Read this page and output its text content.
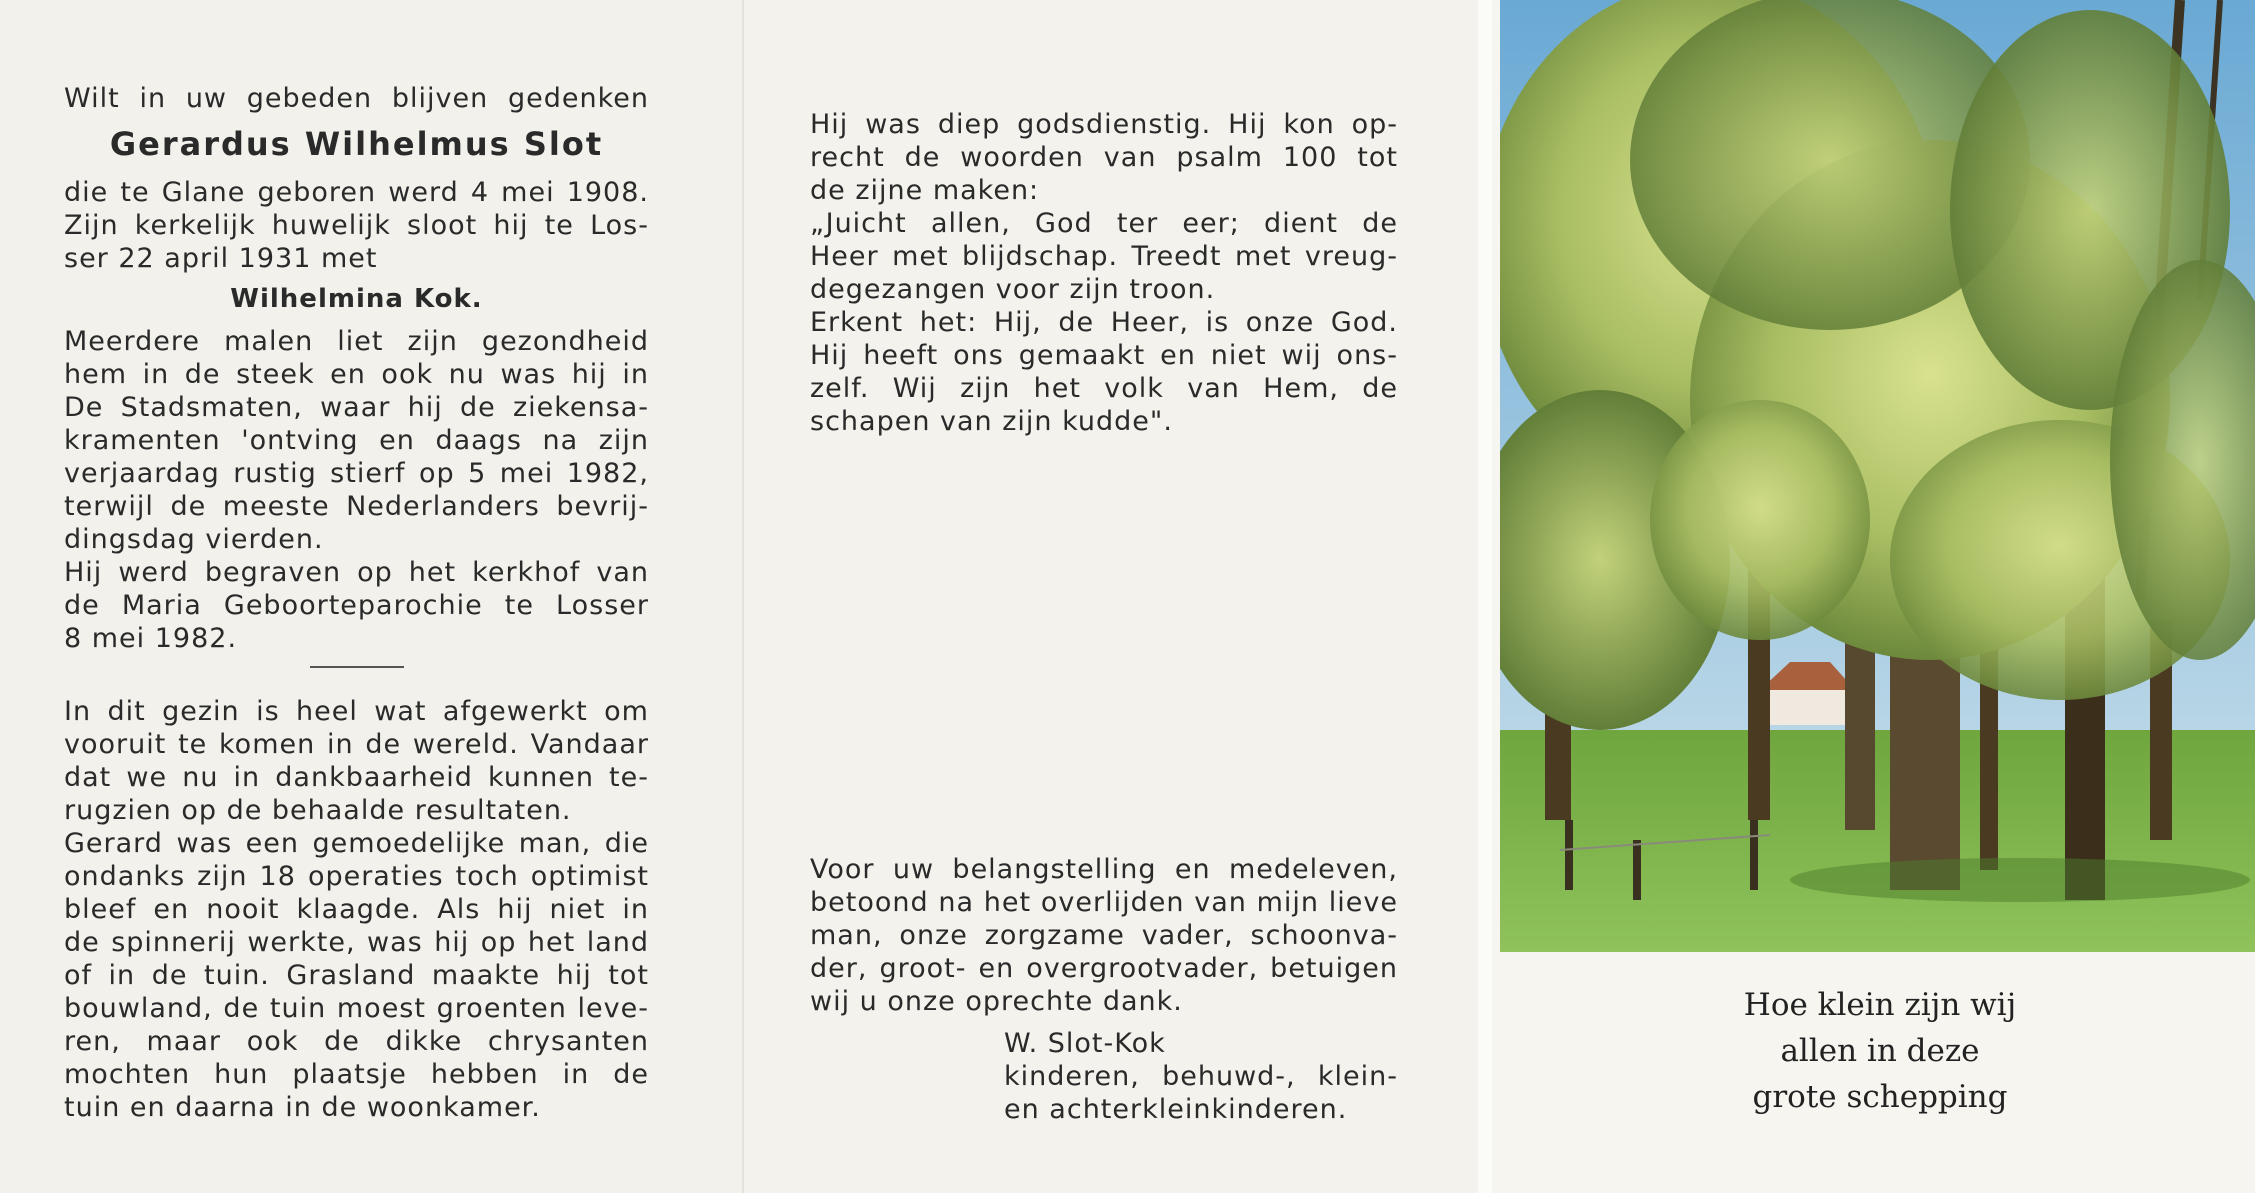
Wilt in uw gebeden blijven gedenken
Gerardus Wilhelmus Slot
die te Glane geboren werd 4 mei 1908.
Zijn kerkelijk huwelijk sloot hij te Los-
ser 22 april 1931 met
Wilhelmina Kok.
Meerdere malen liet zijn gezondheid
hem in de steek en ook nu was hij in
De Stadsmaten, waar hij de ziekensa-
kramenten 'ontving en daags na zijn
verjaardag rustig stierf op 5 mei 1982,
terwijl de meeste Nederlanders bevrij-
dingsdag vierden.
Hij werd begraven op het kerkhof van
de Maria Geboorteparochie te Losser
8 mei 1982.
In dit gezin is heel wat afgewerkt om
vooruit te komen in de wereld. Vandaar
dat we nu in dankbaarheid kunnen te-
rugzien op de behaalde resultaten.
Gerard was een gemoedelijke man, die
ondanks zijn 18 operaties toch optimist
bleef en nooit klaagde. Als hij niet in
de spinnerij werkte, was hij op het land
of in de tuin. Grasland maakte hij tot
bouwland, de tuin moest groenten leve-
ren, maar ook de dikke chrysanten
mochten hun plaatsje hebben in de
tuin en daarna in de woonkamer.
Hij was diep godsdienstig. Hij kon op-
recht de woorden van psalm 100 tot
de zijne maken:
„Juicht allen, God ter eer; dient de
Heer met blijdschap. Treedt met vreug-
degezangen voor zijn troon.
Erkent het: Hij, de Heer, is onze God.
Hij heeft ons gemaakt en niet wij ons-
zelf. Wij zijn het volk van Hem, de
schapen van zijn kudde".
Voor uw belangstelling en medeleven,
betoond na het overlijden van mijn lieve
man, onze zorgzame vader, schoonva-
der, groot- en overgrootvader, betuigen
wij u onze oprechte dank.
W. Slot-Kok
kinderen, behuwd-, klein-
en achterkleinkinderen.
Hoe klein zijn wij
allen in deze
grote schepping
